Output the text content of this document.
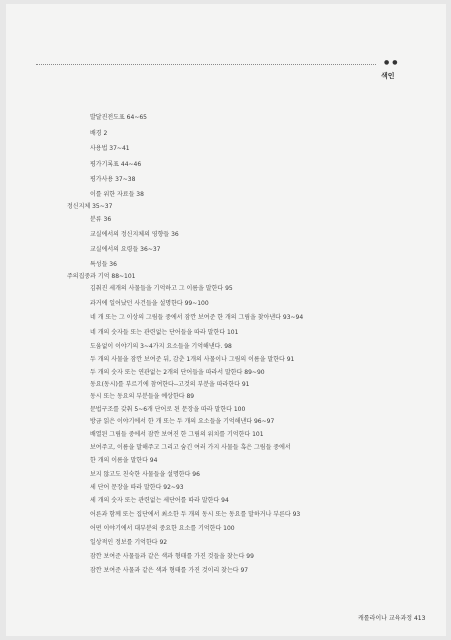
●●
색인
발달진전도표 64~65
배경 2
사용법 37~41
평가기록표 44~46
평가사용 37~38
이를 위한 자료들 38
정신지체 35~37
분류 36
교실에서의 정신지체의 영향들 36
교실에서의 요령들 36~37
특성들 36
주의집중과 기억 88~101
김춰진 세개의 사물들을 기억하고 그 이름을 말한다 95
과거에 일어났던 사건들을 설명한다 99~100
네 개 또는 그 이상의 그림들 중에서 잠깐 보여준 한 개의 그림을 찾아낸다 93~94
네 개의 숫자들 또는 관련없는 단어들을 따라 말한다 101
도움없이 이야기의 3~4가지 요소들을 기억해낸다. 98
두 개의 사물을 잠깐 보여준 뒤, 감춘 1개의 사물이나 그림의 이름을 말한다 91
두 개의 숫자 또는 연관없는 2개의 단어들을 따라서 말한다 89~90
동요(동시)를 부르기에 참여한다--고것의 부분을 따라한다 91
동시 또는 동요의 부분들을 예상한다 89
문법구조를 갖춰 5~6개 단어로 된 문장을 따라 말한다 100
방금 읽은 이야기에서 한 개 또는 두 개의 요소들을 기억해낸다 96~97
배열된 그림들 중에서 잠깐 보여진 한 그림의 위치를 기억한다 101
보여주고, 이름을 말해주고 그리고 숨긴 여러 가지 사물들 혹은 그림들 중에서
한 개의 이름을 말한다 94
보지 않고도 친숙한 사물들을 설명한다 96
세 단어 문장을 따라 말한다 92~93
세 개의 숫자 또는 관련없는 세단어를 따라 말한다 94
어른과 함께 또는 집단에서 최소한 두 개의 동시 또는 동요를 말하거나 부른다 93
어떤 이야기에서 대부분의 중요한 요소를 기억한다 100
일상적인 정보를 기억한다 92
잠깐 보여준 사물들과 같은 색과 형태를 가진 것들을 찾는다 99
잠깐 보여준 사물과 같은 색과 형태를 가진 것이리 찾는다 97
캐롤라이나 교육과정 413
